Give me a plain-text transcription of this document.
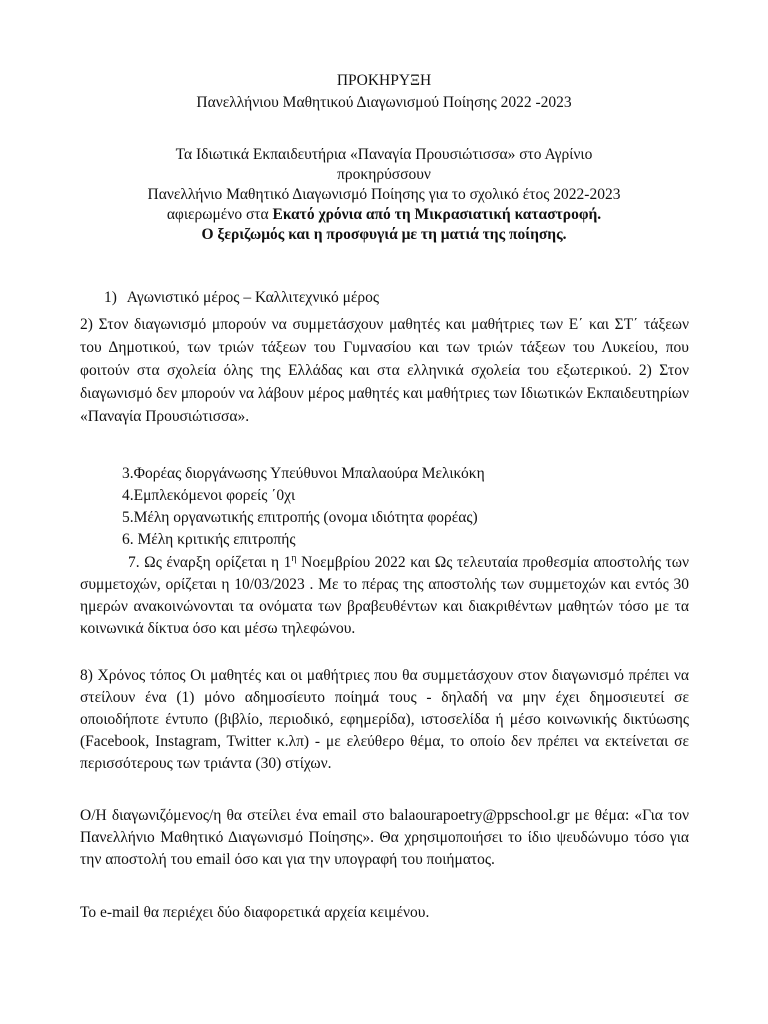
ΠΡΟΚΗΡΥΞΗ
Πανελλήνιου Μαθητικού Διαγωνισμού Ποίησης 2022 -2023
Τα Ιδιωτικά Εκπαιδευτήρια «Παναγία Προυσιώτισσα» στο Αγρίνιο
προκηρύσσουν
Πανελλήνιο Μαθητικό Διαγωνισμό Ποίησης για το σχολικό έτος 2022-2023
αφιερωμένο στα Εκατό χρόνια από τη Μικρασιατική καταστροφή.
Ο ξεριζωμός και η προσφυγιά με τη ματιά της ποίησης.
1) Αγωνιστικό μέρος – Καλλιτεχνικό μέρος
2) Στον διαγωνισμό μπορούν να συμμετάσχουν μαθητές και μαθήτριες των Ε΄ και ΣΤ΄ τάξεων του Δημοτικού, των τριών τάξεων του Γυμνασίου και των τριών τάξεων του Λυκείου, που φοιτούν στα σχολεία όλης της Ελλάδας και στα ελληνικά σχολεία του εξωτερικού. 2) Στον διαγωνισμό δεν μπορούν να λάβουν μέρος μαθητές και μαθήτριες των Ιδιωτικών Εκπαιδευτηρίων «Παναγία Προυσιώτισσα».
3.Φορέας διοργάνωσης Υπεύθυνοι Μπαλαούρα Μελικόκη
4.Εμπλεκόμενοι φορείς ΄0χι
5.Μέλη οργανωτικής επιτροπής (ονομα ιδιότητα φορέας)
6. Μέλη κριτικής επιτροπής
7. Ως έναρξη ορίζεται η $1^\eta$ Νοεμβρίου 2022 και Ως τελευταία προθεσμία αποστολής των συμμετοχών, ορίζεται η 10/03/2023 . Με το πέρας της αποστολής των συμμετοχών και εντός 30 ημερών ανακοινώνονται τα ονόματα των βραβευθέντων και διακριθέντων μαθητών τόσο με τα κοινωνικά δίκτυα όσο και μέσω τηλεφώνου.
8) Χρόνος τόπος Οι μαθητές και οι μαθήτριες που θα συμμετάσχουν στον διαγωνισμό πρέπει να στείλουν ένα (1) μόνο αδημοσίευτο ποίημά τους - δηλαδή να μην έχει δημοσιευτεί σε οποιοδήποτε έντυπο (βιβλίο, περιοδικό, εφημερίδα), ιστοσελίδα ή μέσο κοινωνικής δικτύωσης (Facebook, Instagram, Twitter κ.λπ) - με ελεύθερο θέμα, το οποίο δεν πρέπει να εκτείνεται σε περισσότερους των τριάντα (30) στίχων.
Ο/Η διαγωνιζόμενος/η θα στείλει ένα email στο balaourapoetry@ppschool.gr με θέμα: «Για τον Πανελλήνιο Μαθητικό Διαγωνισμό Ποίησης». Θα χρησιμοποιήσει το ίδιο ψευδώνυμο τόσο για την αποστολή του email όσο και για την υπογραφή του ποιήματος.
Το e-mail θα περιέχει δύο διαφορετικά αρχεία κειμένου.
